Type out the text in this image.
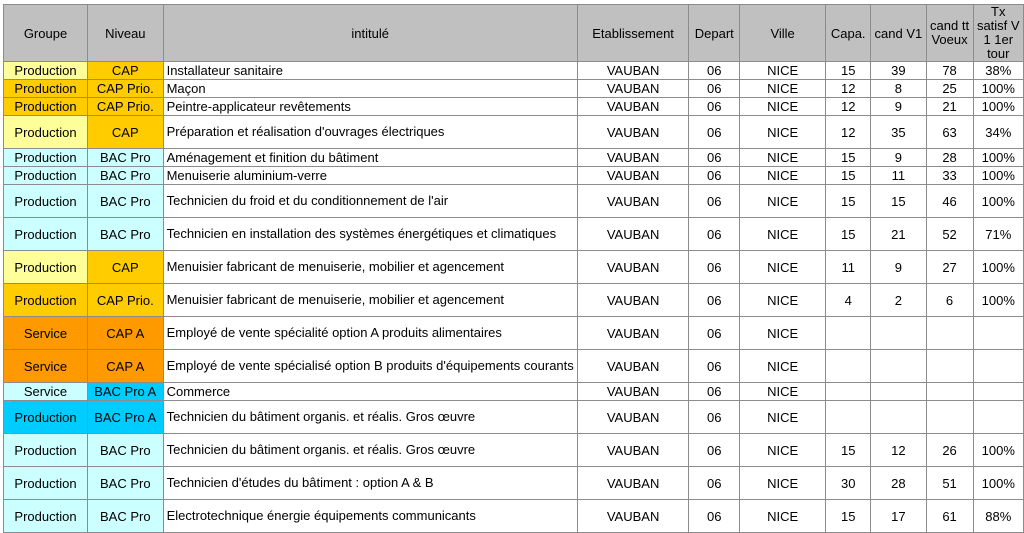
Groupe	Niveau	intitulé	Etablissement	Depart	Ville	Capa.	cand V1	cand tt Voeux	Tx satisf V 1 1er tour
Production	CAP	Installateur sanitaire	VAUBAN	06	NICE	15	39	78	38%
Production	CAP Prio.	Maçon	VAUBAN	06	NICE	12	8	25	100%
Production	CAP Prio.	Peintre-applicateur revêtements	VAUBAN	06	NICE	12	9	21	100%
Production	CAP	Préparation et réalisation d'ouvrages électriques	VAUBAN	06	NICE	12	35	63	34%
Production	BAC Pro	Aménagement et finition du bâtiment	VAUBAN	06	NICE	15	9	28	100%
Production	BAC Pro	Menuiserie aluminium-verre	VAUBAN	06	NICE	15	11	33	100%
Production	BAC Pro	Technicien du froid et du conditionnement de l'air	VAUBAN	06	NICE	15	15	46	100%
Production	BAC Pro	Technicien en installation des systèmes énergétiques et climatiques	VAUBAN	06	NICE	15	21	52	71%
Production	CAP	Menuisier fabricant de menuiserie, mobilier et agencement	VAUBAN	06	NICE	11	9	27	100%
Production	CAP Prio.	Menuisier fabricant de menuiserie, mobilier et agencement	VAUBAN	06	NICE	4	2	6	100%
Service	CAP A	Employé de vente spécialité option A produits alimentaires	VAUBAN	06	NICE				
Service	CAP A	Employé de vente spécialisé option B produits d'équipements courants	VAUBAN	06	NICE				
Service	BAC Pro A	Commerce	VAUBAN	06	NICE				
Production	BAC Pro A	Technicien du bâtiment organis. et réalis. Gros œuvre	VAUBAN	06	NICE				
Production	BAC Pro	Technicien du bâtiment organis. et réalis. Gros œuvre	VAUBAN	06	NICE	15	12	26	100%
Production	BAC Pro	Technicien d'études du bâtiment : option A & B	VAUBAN	06	NICE	30	28	51	100%
Production	BAC Pro	Electrotechnique énergie équipements communicants	VAUBAN	06	NICE	15	17	61	88%
